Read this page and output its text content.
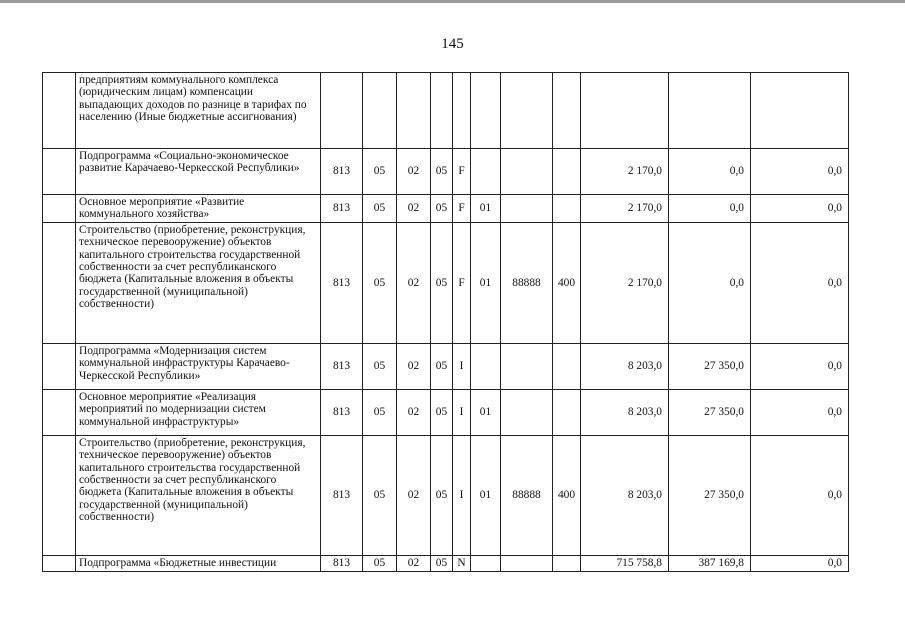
145
	предприятиям коммунального комплекса (юридическим лицам) компенсации выпадающих доходов по разнице в тарифах по населению (Иные бюджетные ассигнования)											
	Подпрограмма «Социально-экономическое развитие Карачаево-Черкесской Республики»	813	05	02	05	F				2 170,0	0,0	0,0
	Основное мероприятие «Развитие коммунального хозяйства»	813	05	02	05	F	01			2 170,0	0,0	0,0
	Строительство (приобретение, реконструкция, техническое перевооружение) объектов капитального строительства государственной собственности за счет республиканского бюджета (Капитальные вложения в объекты государственной (муниципальной) собственности)	813	05	02	05	F	01	88888	400	2 170,0	0,0	0,0
	Подпрограмма «Модернизация систем коммунальной инфраструктуры Карачаево-Черкесской Республики»	813	05	02	05	I				8 203,0	27 350,0	0,0
	Основное мероприятие «Реализация мероприятий по модернизации систем коммунальной инфраструктуры»	813	05	02	05	I	01			8 203,0	27 350,0	0,0
	Строительство (приобретение, реконструкция, техническое перевооружение) объектов капитального строительства государственной собственности за счет республиканского бюджета (Капитальные вложения в объекты государственной (муниципальной) собственности)	813	05	02	05	I	01	88888	400	8 203,0	27 350,0	0,0
	Подпрограмма «Бюджетные инвестиции	813	05	02	05	N				715 758,8	387 169,8	0,0
